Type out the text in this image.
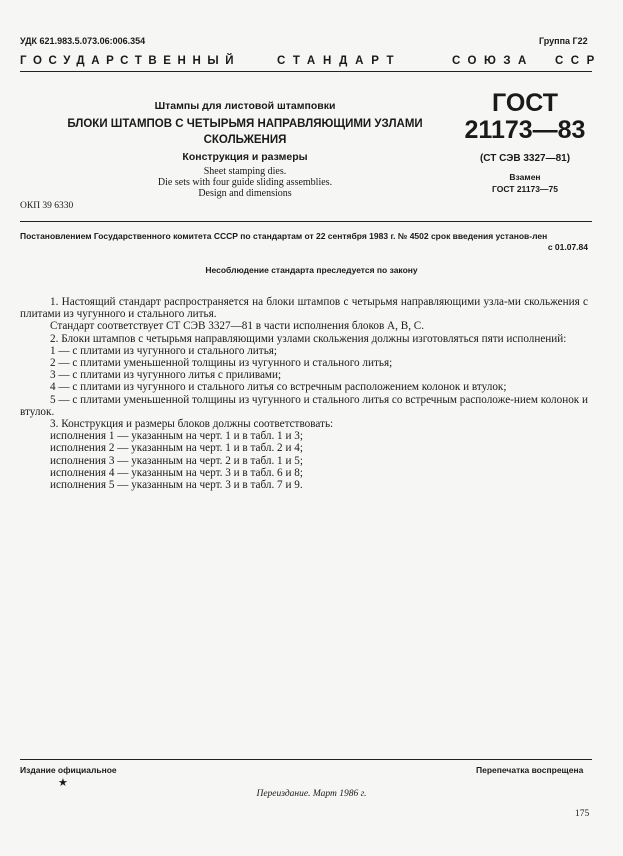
УДК 621.983.5.073.06:006.354	Группа Г22
ГОСУДАРСТВЕННЫЙ	СТАНДАРТ	СОЮЗА ССР
Штампы для листовой штамповки
БЛОКИ ШТАМПОВ С ЧЕТЫРЬМЯ НАПРАВЛЯЮЩИМИ УЗЛАМИ
СКОЛЬЖЕНИЯ
Конструкция и размеры
Sheet stamping dies.
Die sets with four guide sliding assemblies.
Design and dimensions
ГОСТ
21173—83
(СТ СЭВ 3327—81)
Взамен
ГОСТ 21173—75
ОКП 39 6330
Постановлением Государственного комитета СССР по стандартам от 22 сентября 1983 г. № 4502 срок введения установ-лен
с 01.07.84
Несоблюдение стандарта преследуется по закону

1. Настоящий стандарт распространяется на блоки штампов с четырьмя направляющими узла-ми скольжения с плитами из чугунного и стального литья.

Стандарт соответствует СТ СЭВ 3327—81 в части исполнения блоков А, В, С.

2. Блоки штампов с четырьмя направляющими узлами скольжения должны изготовляться пяти исполнений:

1 — с плитами из чугунного и стального литья;

2 — с плитами уменьшенной толщины из чугунного и стального литья;

3 — с плитами из чугунного литья с приливами;

4 — с плитами из чугунного и стального литья со встречным расположением колонок и втулок;

5 — с плитами уменьшенной толщины из чугунного и стального литья со встречным расположе-нием колонок и втулок.

3. Конструкция и размеры блоков должны соответствовать:

исполнения 1 — указанным на черт. 1 и в табл. 1 и 3;

исполнения 2 — указанным на черт. 1 и в табл. 2 и 4;

исполнения 3 — указанным на черт. 2 и в табл. 1 и 5;

исполнения 4 — указанным на черт. 3 и в табл. 6 и 8;

исполнения 5 — указанным на черт. 3 и в табл. 7 и 9.

Издание официальное
★
Перепечатка воспрещена
Переиздание. Март 1986 г.
175
